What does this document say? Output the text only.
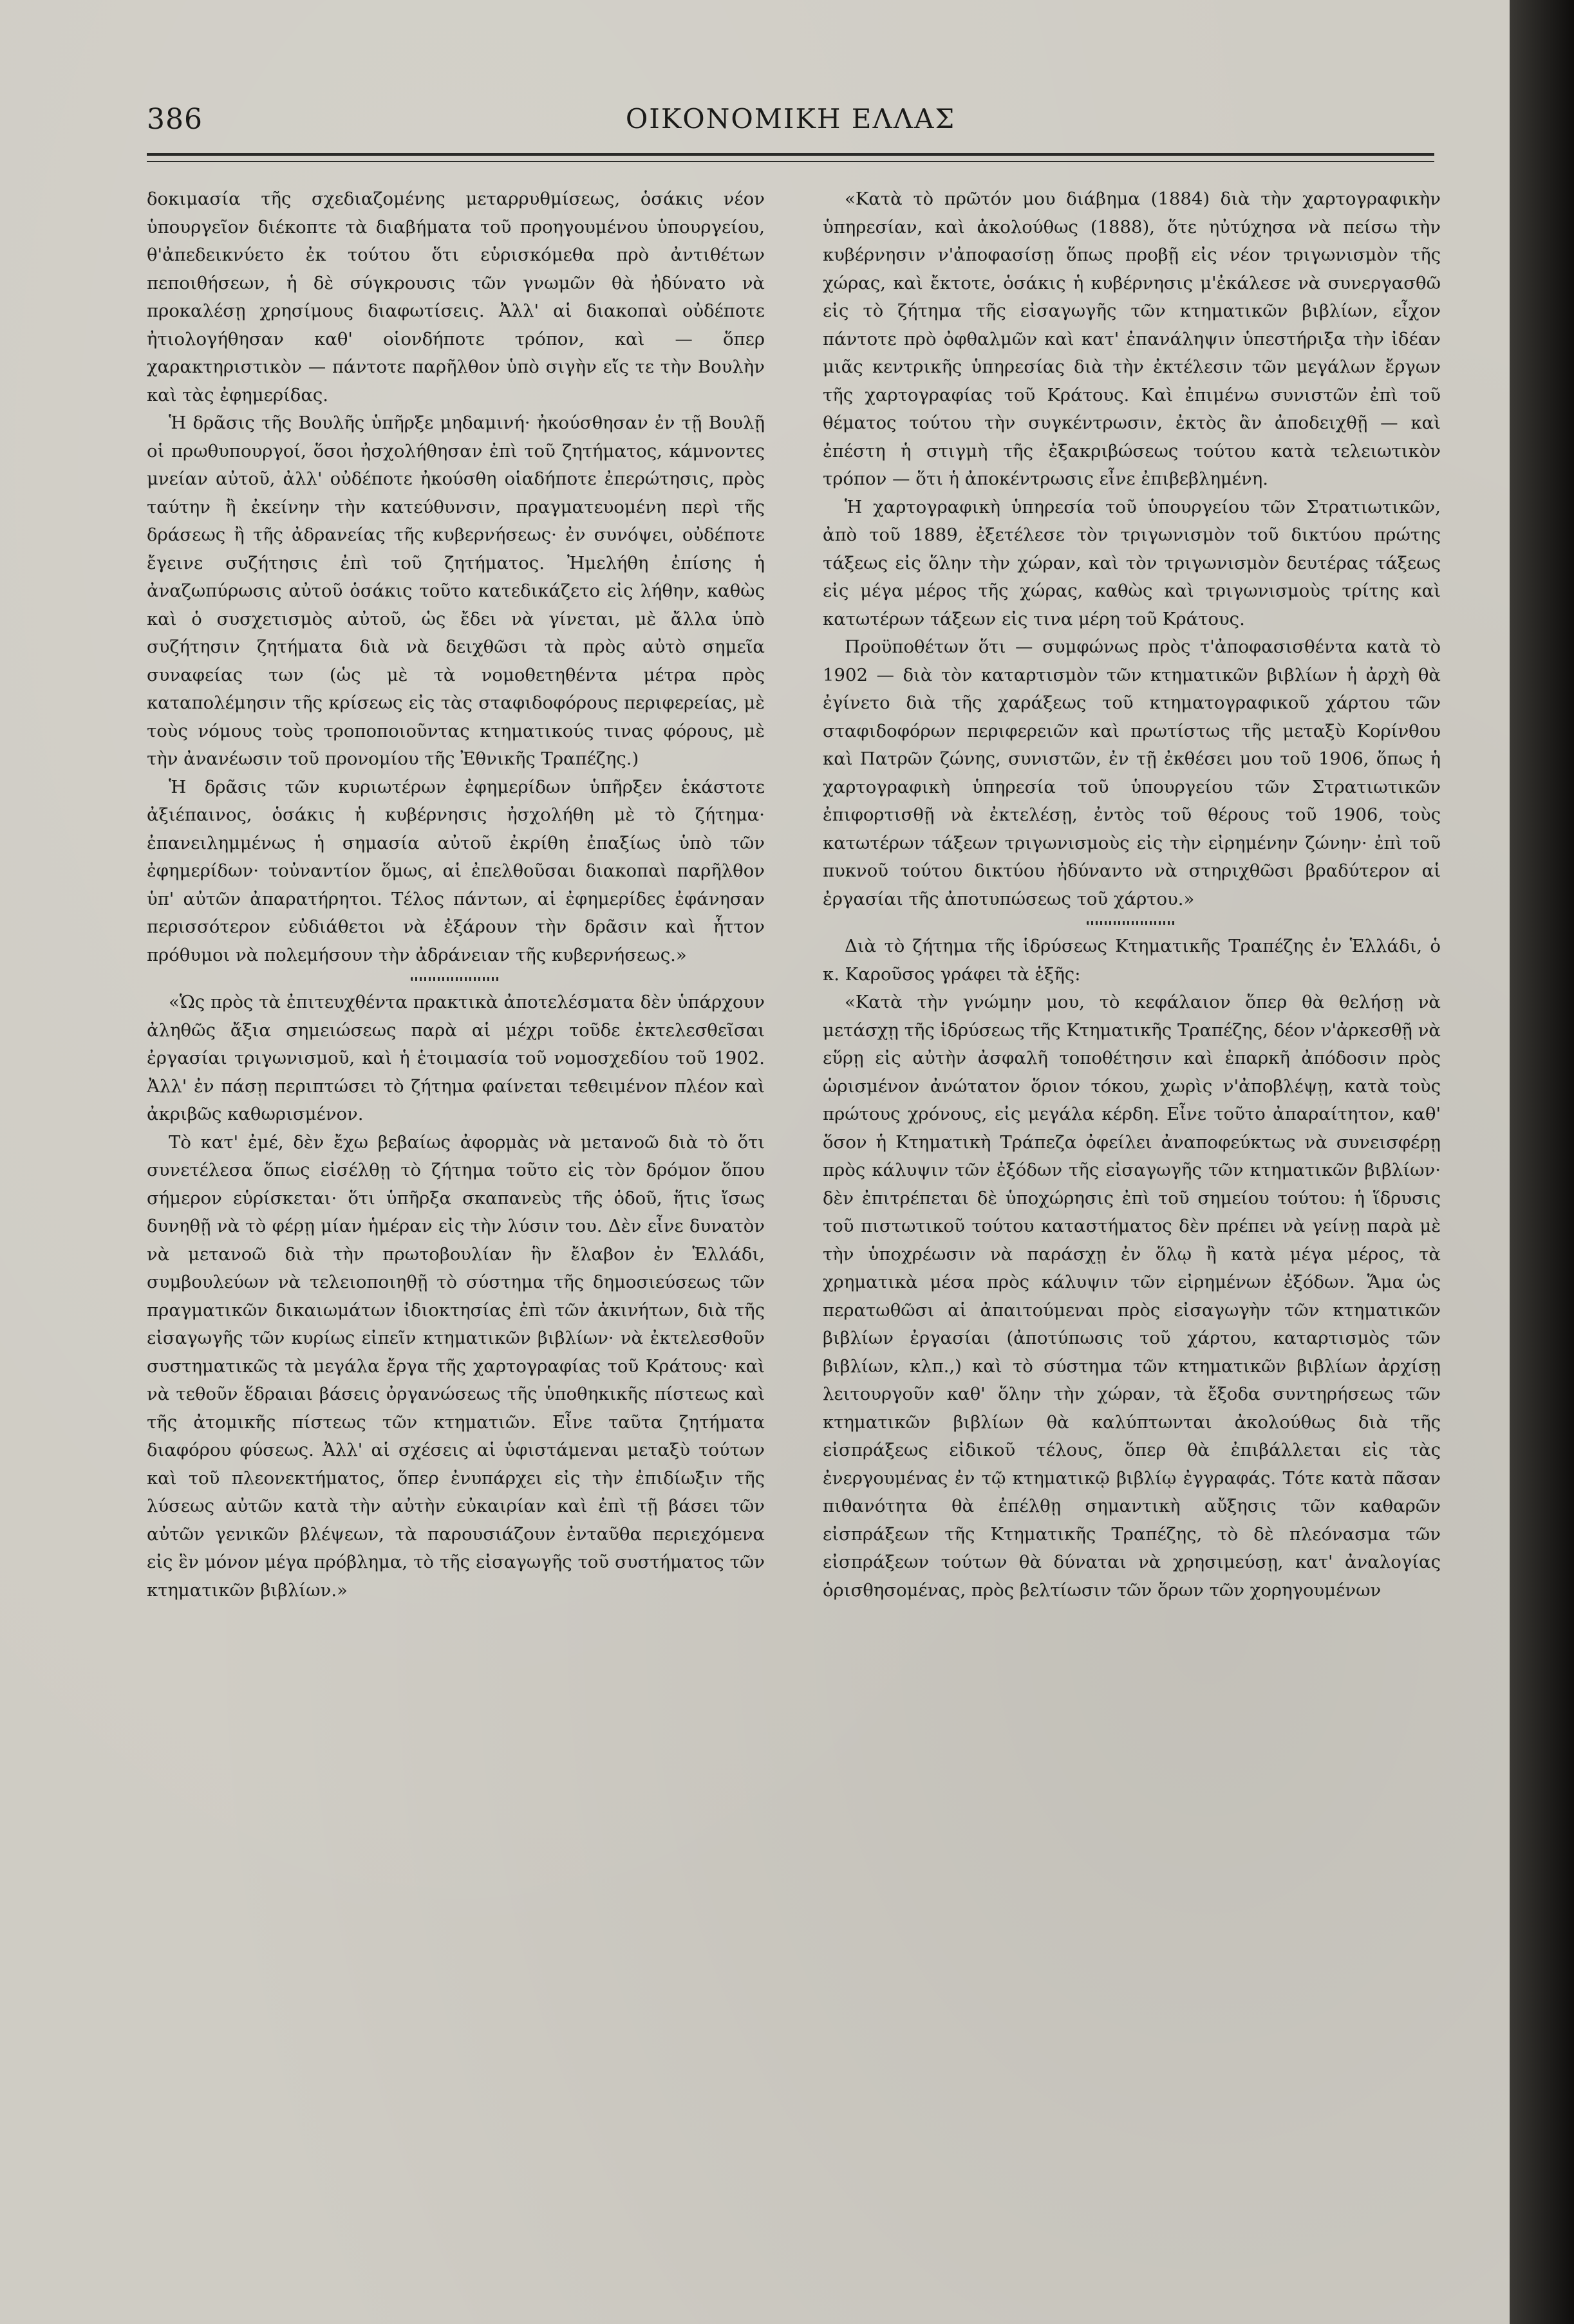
386	ΟΙΚΟΝΟΜΙΚΗ ΕΛΛΑΣ

δοκιμασία τῆς σχεδιαζομένης μεταρρυθμίσεως, ὁσάκις νέον ὑπουργεῖον διέκοπτε τὰ διαβήματα τοῦ προηγουμένου ὑπουργείου, θ'ἀπεδεικνύετο ἐκ τούτου ὅτι εὑρισκόμεθα πρὸ ἀντιθέτων πεποιθήσεων, ἡ δὲ σύγκρουσις τῶν γνωμῶν θὰ ἠδύνατο νὰ προκαλέσῃ χρησίμους διαφωτίσεις. Ἀλλ' αἱ διακοπαὶ οὐδέποτε ἠτιολογήθησαν καθ' οἱονδήποτε τρόπον, καὶ — ὅπερ χαρακτηριστικὸν — πάντοτε παρῆλθον ὑπὸ σιγὴν εἴς τε τὴν Βουλὴν καὶ τὰς ἐφημερίδας.

Ἡ δρᾶσις τῆς Βουλῆς ὑπῆρξε μηδαμινή· ἠκούσθησαν ἐν τῇ Βουλῇ οἱ πρωθυπουργοί, ὅσοι ἠσχολήθησαν ἐπὶ τοῦ ζητήματος, κάμνοντες μνείαν αὐτοῦ, ἀλλ' οὐδέποτε ἠκούσθη οἱαδήποτε ἐπερώτησις, πρὸς ταύτην ἢ ἐκείνην τὴν κατεύθυνσιν, πραγματευομένη περὶ τῆς δράσεως ἢ τῆς ἀδρανείας τῆς κυβερνήσεως· ἐν συνόψει, οὐδέποτε ἔγεινε συζήτησις ἐπὶ τοῦ ζητήματος. Ἠμελήθη ἐπίσης ἡ ἀναζωπύρωσις αὐτοῦ ὁσάκις τοῦτο κατεδικάζετο εἰς λήθην, καθὼς καὶ ὁ συσχετισμὸς αὐτοῦ, ὡς ἔδει νὰ γίνεται, μὲ ἄλλα ὑπὸ συζήτησιν ζητήματα διὰ νὰ δειχθῶσι τὰ πρὸς αὐτὸ σημεῖα συναφείας των (ὡς μὲ τὰ νομοθετηθέντα μέτρα πρὸς καταπολέμησιν τῆς κρίσεως εἰς τὰς σταφιδοφόρους περιφερείας, μὲ τοὺς νόμους τοὺς τροποποιοῦντας κτηματικούς τινας φόρους, μὲ τὴν ἀνανέωσιν τοῦ προνομίου τῆς Ἐθνικῆς Τραπέζης.)

Ἡ δρᾶσις τῶν κυριωτέρων ἐφημερίδων ὑπῆρξεν ἑκάστοτε ἀξιέπαινος, ὁσάκις ἡ κυβέρνησις ἠσχολήθη μὲ τὸ ζήτημα· ἐπανειλημμένως ἡ σημασία αὐτοῦ ἐκρίθη ἐπαξίως ὑπὸ τῶν ἐφημερίδων· τοὐναντίον ὅμως, αἱ ἐπελθοῦσαι διακοπαὶ παρῆλθον ὑπ' αὐτῶν ἀπαρατήρητοι. Τέλος πάντων, αἱ ἐφημερίδες ἐφάνησαν περισσότερον εὐδιάθετοι νὰ ἐξάρουν τὴν δρᾶσιν καὶ ἧττον πρόθυμοι νὰ πολεμήσουν τὴν ἀδράνειαν τῆς κυβερνήσεως.»

«Ὡς πρὸς τὰ ἐπιτευχθέντα πρακτικὰ ἀποτελέσματα δὲν ὑπάρχουν ἀληθῶς ἄξια σημειώσεως παρὰ αἱ μέχρι τοῦδε ἐκτελεσθεῖσαι ἐργασίαι τριγωνισμοῦ, καὶ ἡ ἑτοιμασία τοῦ νομοσχεδίου τοῦ 1902. Ἀλλ' ἐν πάσῃ περιπτώσει τὸ ζήτημα φαίνεται τεθειμένον πλέον καὶ ἀκριβῶς καθωρισμένον.

Τὸ κατ' ἐμέ, δὲν ἔχω βεβαίως ἀφορμὰς νὰ μετανοῶ διὰ τὸ ὅτι συνετέλεσα ὅπως εἰσέλθῃ τὸ ζήτημα τοῦτο εἰς τὸν δρόμον ὅπου σήμερον εὑρίσκεται· ὅτι ὑπῆρξα σκαπανεὺς τῆς ὁδοῦ, ἥτις ἴσως δυνηθῇ νὰ τὸ φέρῃ μίαν ἡμέραν εἰς τὴν λύσιν του. Δὲν εἶνε δυνατὸν νὰ μετανοῶ διὰ τὴν πρωτοβουλίαν ἣν ἔλαβον ἐν Ἑλλάδι, συμβουλεύων νὰ τελειοποιηθῇ τὸ σύστημα τῆς δημοσιεύσεως τῶν πραγματικῶν δικαιωμάτων ἰδιοκτησίας ἐπὶ τῶν ἀκινήτων, διὰ τῆς εἰσαγωγῆς τῶν κυρίως εἰπεῖν κτηματικῶν βιβλίων· νὰ ἐκτελεσθοῦν συστηματικῶς τὰ μεγάλα ἔργα τῆς χαρτογραφίας τοῦ Κράτους· καὶ νὰ τεθοῦν ἕδραιαι βάσεις ὀργανώσεως τῆς ὑποθηκικῆς πίστεως καὶ τῆς ἀτομικῆς πίστεως τῶν κτηματιῶν. Εἶνε ταῦτα ζητήματα διαφόρου φύσεως. Ἀλλ' αἱ σχέσεις αἱ ὑφιστάμεναι μεταξὺ τούτων καὶ τοῦ πλεονεκτήματος, ὅπερ ἐνυπάρχει εἰς τὴν ἐπιδίωξιν τῆς λύσεως αὐτῶν κατὰ τὴν αὐτὴν εὐκαιρίαν καὶ ἐπὶ τῇ βάσει τῶν αὐτῶν γενικῶν βλέψεων, τὰ παρουσιάζουν ἐνταῦθα περιεχόμενα εἰς ἓν μόνον μέγα πρόβλημα, τὸ τῆς εἰσαγωγῆς τοῦ συστήματος τῶν κτηματικῶν βιβλίων.»

«Κατὰ τὸ πρῶτόν μου διάβημα (1884) διὰ τὴν χαρτογραφικὴν ὑπηρεσίαν, καὶ ἀκολούθως (1888), ὅτε ηὐτύχησα νὰ πείσω τὴν κυβέρνησιν ν'ἀποφασίσῃ ὅπως προβῇ εἰς νέον τριγωνισμὸν τῆς χώρας, καὶ ἔκτοτε, ὁσάκις ἡ κυβέρνησις μ'ἐκάλεσε νὰ συνεργασθῶ εἰς τὸ ζήτημα τῆς εἰσαγωγῆς τῶν κτηματικῶν βιβλίων, εἶχον πάντοτε πρὸ ὀφθαλμῶν καὶ κατ' ἐπανάληψιν ὑπεστήριξα τὴν ἰδέαν μιᾶς κεντρικῆς ὑπηρεσίας διὰ τὴν ἐκτέλεσιν τῶν μεγάλων ἔργων τῆς χαρτογραφίας τοῦ Κράτους. Καὶ ἐπιμένω συνιστῶν ἐπὶ τοῦ θέματος τούτου τὴν συγκέντρωσιν, ἐκτὸς ἂν ἀποδειχθῇ — καὶ ἐπέστη ἡ στιγμὴ τῆς ἐξακριβώσεως τούτου κατὰ τελειωτικὸν τρόπον — ὅτι ἡ ἀποκέντρωσις εἶνε ἐπιβεβλημένη.

Ἡ χαρτογραφικὴ ὑπηρεσία τοῦ ὑπουργείου τῶν Στρατιωτικῶν, ἀπὸ τοῦ 1889, ἐξετέλεσε τὸν τριγωνισμὸν τοῦ δικτύου πρώτης τάξεως εἰς ὅλην τὴν χώραν, καὶ τὸν τριγωνισμὸν δευτέρας τάξεως εἰς μέγα μέρος τῆς χώρας, καθὼς καὶ τριγωνισμοὺς τρίτης καὶ κατωτέρων τάξεων εἰς τινα μέρη τοῦ Κράτους.

Προϋποθέτων ὅτι — συμφώνως πρὸς τ'ἀποφασισθέντα κατὰ τὸ 1902 — διὰ τὸν καταρτισμὸν τῶν κτηματικῶν βιβλίων ἡ ἀρχὴ θὰ ἐγίνετο διὰ τῆς χαράξεως τοῦ κτηματογραφικοῦ χάρτου τῶν σταφιδοφόρων περιφερειῶν καὶ πρωτίστως τῆς μεταξὺ Κορίνθου καὶ Πατρῶν ζώνης, συνιστῶν, ἐν τῇ ἐκθέσει μου τοῦ 1906, ὅπως ἡ χαρτογραφικὴ ὑπηρεσία τοῦ ὑπουργείου τῶν Στρατιωτικῶν ἐπιφορτισθῇ νὰ ἐκτελέσῃ, ἐντὸς τοῦ θέρους τοῦ 1906, τοὺς κατωτέρων τάξεων τριγωνισμοὺς εἰς τὴν εἰρημένην ζώνην· ἐπὶ τοῦ πυκνοῦ τούτου δικτύου ἠδύναντο νὰ στηριχθῶσι βραδύτερον αἱ ἐργασίαι τῆς ἀποτυπώσεως τοῦ χάρτου.»

Διὰ τὸ ζήτημα τῆς ἱδρύσεως Κτηματικῆς Τραπέζης ἐν Ἑλλάδι, ὁ κ. Καροῦσος γράφει τὰ ἑξῆς:

«Κατὰ τὴν γνώμην μου, τὸ κεφάλαιον ὅπερ θὰ θελήσῃ νὰ μετάσχῃ τῆς ἱδρύσεως τῆς Κτηματικῆς Τραπέζης, δέον ν'ἀρκεσθῇ νὰ εὕρῃ εἰς αὐτὴν ἀσφαλῆ τοποθέτησιν καὶ ἐπαρκῆ ἀπόδοσιν πρὸς ὡρισμένον ἀνώτατον ὅριον τόκου, χωρὶς ν'ἀποβλέψῃ, κατὰ τοὺς πρώτους χρόνους, εἰς μεγάλα κέρδη. Εἶνε τοῦτο ἀπαραίτητον, καθ' ὅσον ἡ Κτηματικὴ Τράπεζα ὀφείλει ἀναποφεύκτως νὰ συνεισφέρῃ πρὸς κάλυψιν τῶν ἐξόδων τῆς εἰσαγωγῆς τῶν κτηματικῶν βιβλίων· δὲν ἐπιτρέπεται δὲ ὑποχώρησις ἐπὶ τοῦ σημείου τούτου: ἡ ἵδρυσις τοῦ πιστωτικοῦ τούτου καταστήματος δὲν πρέπει νὰ γείνῃ παρὰ μὲ τὴν ὑποχρέωσιν νὰ παράσχῃ ἐν ὅλῳ ἢ κατὰ μέγα μέρος, τὰ χρηματικὰ μέσα πρὸς κάλυψιν τῶν εἰρημένων ἐξόδων. Ἅμα ὡς περατωθῶσι αἱ ἀπαιτούμεναι πρὸς εἰσαγωγὴν τῶν κτηματικῶν βιβλίων ἐργασίαι (ἀποτύπωσις τοῦ χάρτου, καταρτισμὸς τῶν βιβλίων, κλπ.,) καὶ τὸ σύστημα τῶν κτηματικῶν βιβλίων ἀρχίσῃ λειτουργοῦν καθ' ὅλην τὴν χώραν, τὰ ἔξοδα συντηρήσεως τῶν κτηματικῶν βιβλίων θὰ καλύπτωνται ἀκολούθως διὰ τῆς εἰσπράξεως εἰδικοῦ τέλους, ὅπερ θὰ ἐπιβάλλεται εἰς τὰς ἐνεργουμένας ἐν τῷ κτηματικῷ βιβλίῳ ἐγγραφάς. Τότε κατὰ πᾶσαν πιθανότητα θὰ ἐπέλθῃ σημαντικὴ αὔξησις τῶν καθαρῶν εἰσπράξεων τῆς Κτηματικῆς Τραπέζης, τὸ δὲ πλεόνασμα τῶν εἰσπράξεων τούτων θὰ δύναται νὰ χρησιμεύσῃ, κατ' ἀναλογίας ὁρισθησομένας, πρὸς βελτίωσιν τῶν ὅρων τῶν χορηγουμένων
